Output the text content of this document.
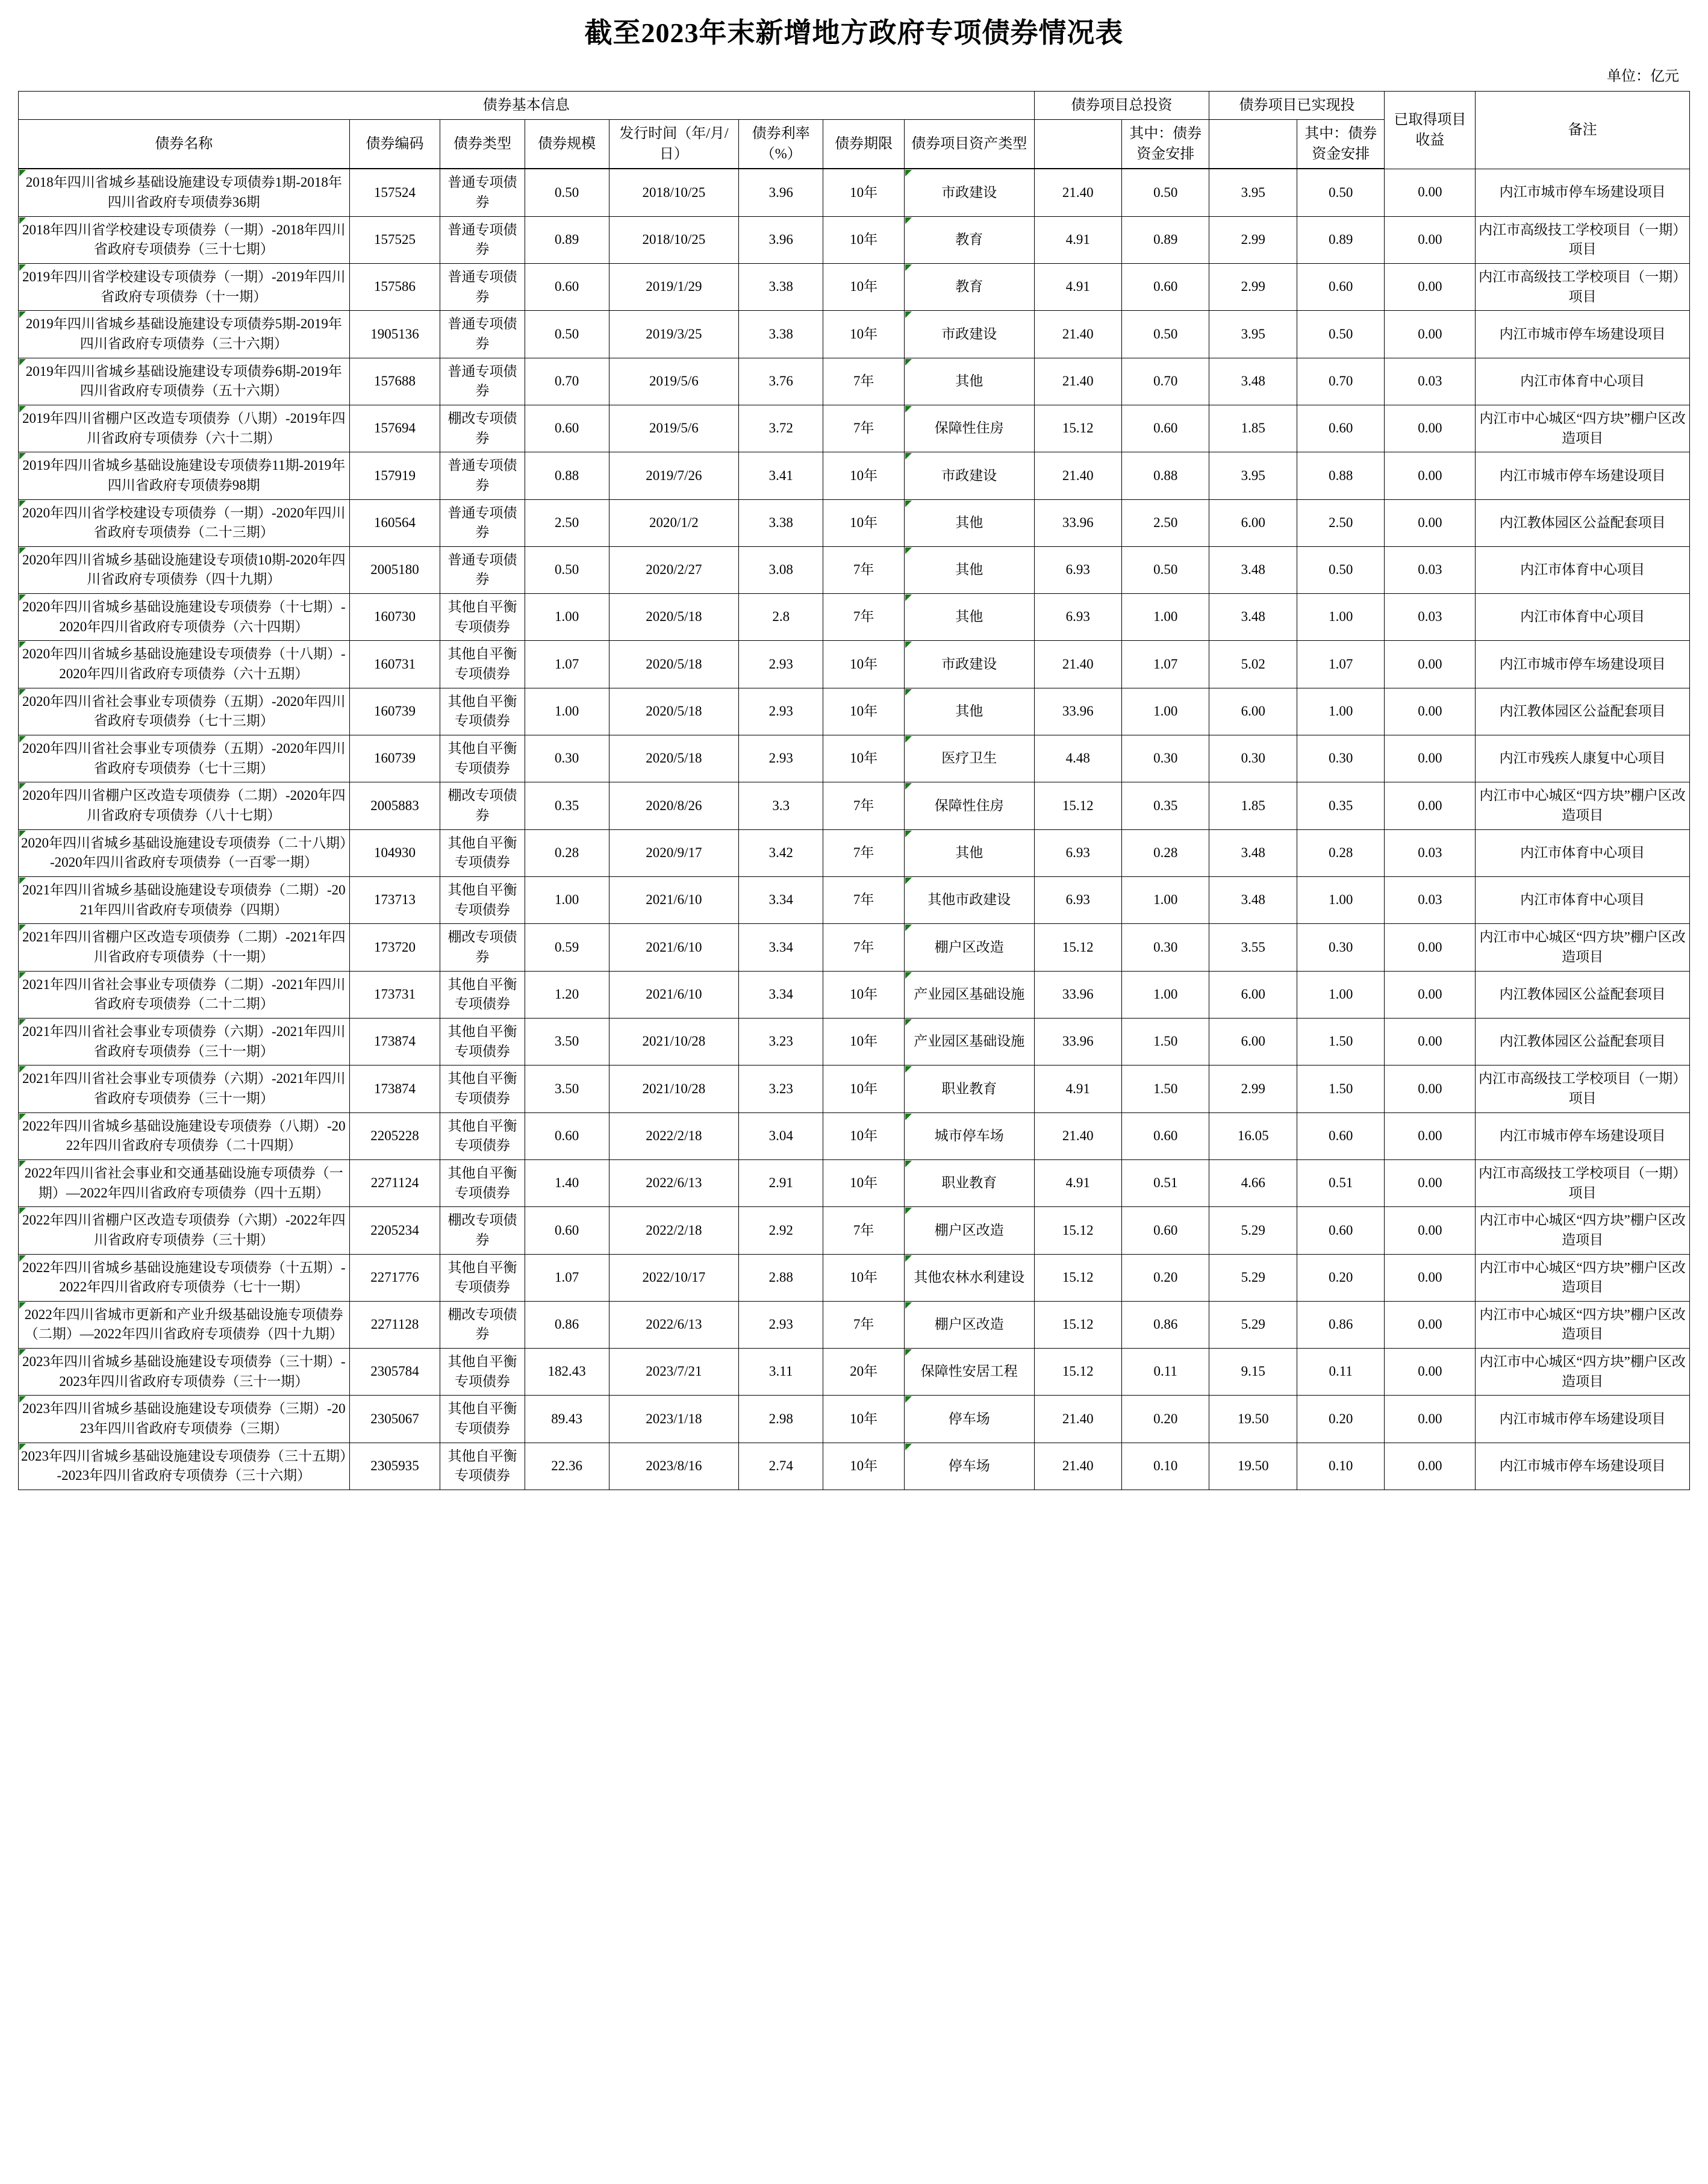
截至2023年末新增地方政府专项债券情况表
单位：亿元
债券基本信息								债券项目总投资		债券项目已实现投		已取得项目收益	备注
债券名称	债券编码	债券类型	债券规模	发行时间（年/月/日）	债券利率（%）	债券期限	债券项目资产类型		其中：债券资金安排		其中：债券资金安排		
2018年四川省城乡基础设施建设专项债券1期-2018年四川省政府专项债券36期	157524	普通专项债券	0.50	2018/10/25	3.96	10年	市政建设	21.40	0.50	3.95	0.50	0.00	内江市城市停车场建设项目
2018年四川省学校建设专项债券（一期）-2018年四川省政府专项债券（三十七期）	157525	普通专项债券	0.89	2018/10/25	3.96	10年	教育	4.91	0.89	2.99	0.89	0.00	内江市高级技工学校项目（一期）项目
2019年四川省学校建设专项债券（一期）-2019年四川省政府专项债券（十一期）	157586	普通专项债券	0.60	2019/1/29	3.38	10年	教育	4.91	0.60	2.99	0.60	0.00	内江市高级技工学校项目（一期）项目
2019年四川省城乡基础设施建设专项债券5期-2019年四川省政府专项债券（三十六期）	1905136	普通专项债券	0.50	2019/3/25	3.38	10年	市政建设	21.40	0.50	3.95	0.50	0.00	内江市城市停车场建设项目
2019年四川省城乡基础设施建设专项债券6期-2019年四川省政府专项债券（五十六期）	157688	普通专项债券	0.70	2019/5/6	3.76	7年	其他	21.40	0.70	3.48	0.70	0.03	内江市体育中心项目
2019年四川省棚户区改造专项债券（八期）-2019年四川省政府专项债券（六十二期）	157694	棚改专项债券	0.60	2019/5/6	3.72	7年	保障性住房	15.12	0.60	1.85	0.60	0.00	内江市中心城区“四方块”棚户区改造项目
2019年四川省城乡基础设施建设专项债券11期-2019年四川省政府专项债券98期	157919	普通专项债券	0.88	2019/7/26	3.41	10年	市政建设	21.40	0.88	3.95	0.88	0.00	内江市城市停车场建设项目
2020年四川省学校建设专项债券（一期）-2020年四川省政府专项债券（二十三期）	160564	普通专项债券	2.50	2020/1/2	3.38	10年	其他	33.96	2.50	6.00	2.50	0.00	内江教体园区公益配套项目
2020年四川省城乡基础设施建设专项债10期-2020年四川省政府专项债券（四十九期）	2005180	普通专项债券	0.50	2020/2/27	3.08	7年	其他	6.93	0.50	3.48	0.50	0.03	内江市体育中心项目
2020年四川省城乡基础设施建设专项债券（十七期）-2020年四川省政府专项债券（六十四期）	160730	其他自平衡专项债券	1.00	2020/5/18	2.8	7年	其他	6.93	1.00	3.48	1.00	0.03	内江市体育中心项目
2020年四川省城乡基础设施建设专项债券（十八期）-2020年四川省政府专项债券（六十五期）	160731	其他自平衡专项债券	1.07	2020/5/18	2.93	10年	市政建设	21.40	1.07	5.02	1.07	0.00	内江市城市停车场建设项目
2020年四川省社会事业专项债券（五期）-2020年四川省政府专项债券（七十三期）	160739	其他自平衡专项债券	1.00	2020/5/18	2.93	10年	其他	33.96	1.00	6.00	1.00	0.00	内江教体园区公益配套项目
2020年四川省社会事业专项债券（五期）-2020年四川省政府专项债券（七十三期）	160739	其他自平衡专项债券	0.30	2020/5/18	2.93	10年	医疗卫生	4.48	0.30	0.30	0.30	0.00	内江市残疾人康复中心项目
2020年四川省棚户区改造专项债券（二期）-2020年四川省政府专项债券（八十七期）	2005883	棚改专项债券	0.35	2020/8/26	3.3	7年	保障性住房	15.12	0.35	1.85	0.35	0.00	内江市中心城区“四方块”棚户区改造项目
2020年四川省城乡基础设施建设专项债券（二十八期）-2020年四川省政府专项债券（一百零一期）	104930	其他自平衡专项债券	0.28	2020/9/17	3.42	7年	其他	6.93	0.28	3.48	0.28	0.03	内江市体育中心项目
2021年四川省城乡基础设施建设专项债券（二期）-2021年四川省政府专项债券（四期）	173713	其他自平衡专项债券	1.00	2021/6/10	3.34	7年	其他市政建设	6.93	1.00	3.48	1.00	0.03	内江市体育中心项目
2021年四川省棚户区改造专项债券（二期）-2021年四川省政府专项债券（十一期）	173720	棚改专项债券	0.59	2021/6/10	3.34	7年	棚户区改造	15.12	0.30	3.55	0.30	0.00	内江市中心城区“四方块”棚户区改造项目
2021年四川省社会事业专项债券（二期）-2021年四川省政府专项债券（二十二期）	173731	其他自平衡专项债券	1.20	2021/6/10	3.34	10年	产业园区基础设施	33.96	1.00	6.00	1.00	0.00	内江教体园区公益配套项目
2021年四川省社会事业专项债券（六期）-2021年四川省政府专项债券（三十一期）	173874	其他自平衡专项债券	3.50	2021/10/28	3.23	10年	产业园区基础设施	33.96	1.50	6.00	1.50	0.00	内江教体园区公益配套项目
2021年四川省社会事业专项债券（六期）-2021年四川省政府专项债券（三十一期）	173874	其他自平衡专项债券	3.50	2021/10/28	3.23	10年	职业教育	4.91	1.50	2.99	1.50	0.00	内江市高级技工学校项目（一期）项目
2022年四川省城乡基础设施建设专项债券（八期）-2022年四川省政府专项债券（二十四期）	2205228	其他自平衡专项债券	0.60	2022/2/18	3.04	10年	城市停车场	21.40	0.60	16.05	0.60	0.00	内江市城市停车场建设项目
2022年四川省社会事业和交通基础设施专项债券（一期）—2022年四川省政府专项债券（四十五期）	2271124	其他自平衡专项债券	1.40	2022/6/13	2.91	10年	职业教育	4.91	0.51	4.66	0.51	0.00	内江市高级技工学校项目（一期）项目
2022年四川省棚户区改造专项债券（六期）-2022年四川省政府专项债券（三十期）	2205234	棚改专项债券	0.60	2022/2/18	2.92	7年	棚户区改造	15.12	0.60	5.29	0.60	0.00	内江市中心城区“四方块”棚户区改造项目
2022年四川省城乡基础设施建设专项债券（十五期）-2022年四川省政府专项债券（七十一期）	2271776	其他自平衡专项债券	1.07	2022/10/17	2.88	10年	其他农林水利建设	15.12	0.20	5.29	0.20	0.00	内江市中心城区“四方块”棚户区改造项目
2022年四川省城市更新和产业升级基础设施专项债券（二期）—2022年四川省政府专项债券（四十九期）	2271128	棚改专项债券	0.86	2022/6/13	2.93	7年	棚户区改造	15.12	0.86	5.29	0.86	0.00	内江市中心城区“四方块”棚户区改造项目
2023年四川省城乡基础设施建设专项债券（三十期）-2023年四川省政府专项债券（三十一期）	2305784	其他自平衡专项债券	182.43	2023/7/21	3.11	20年	保障性安居工程	15.12	0.11	9.15	0.11	0.00	内江市中心城区“四方块”棚户区改造项目
2023年四川省城乡基础设施建设专项债券（三期）-2023年四川省政府专项债券（三期）	2305067	其他自平衡专项债券	89.43	2023/1/18	2.98	10年	停车场	21.40	0.20	19.50	0.20	0.00	内江市城市停车场建设项目
2023年四川省城乡基础设施建设专项债券（三十五期）-2023年四川省政府专项债券（三十六期）	2305935	其他自平衡专项债券	22.36	2023/8/16	2.74	10年	停车场	21.40	0.10	19.50	0.10	0.00	内江市城市停车场建设项目
